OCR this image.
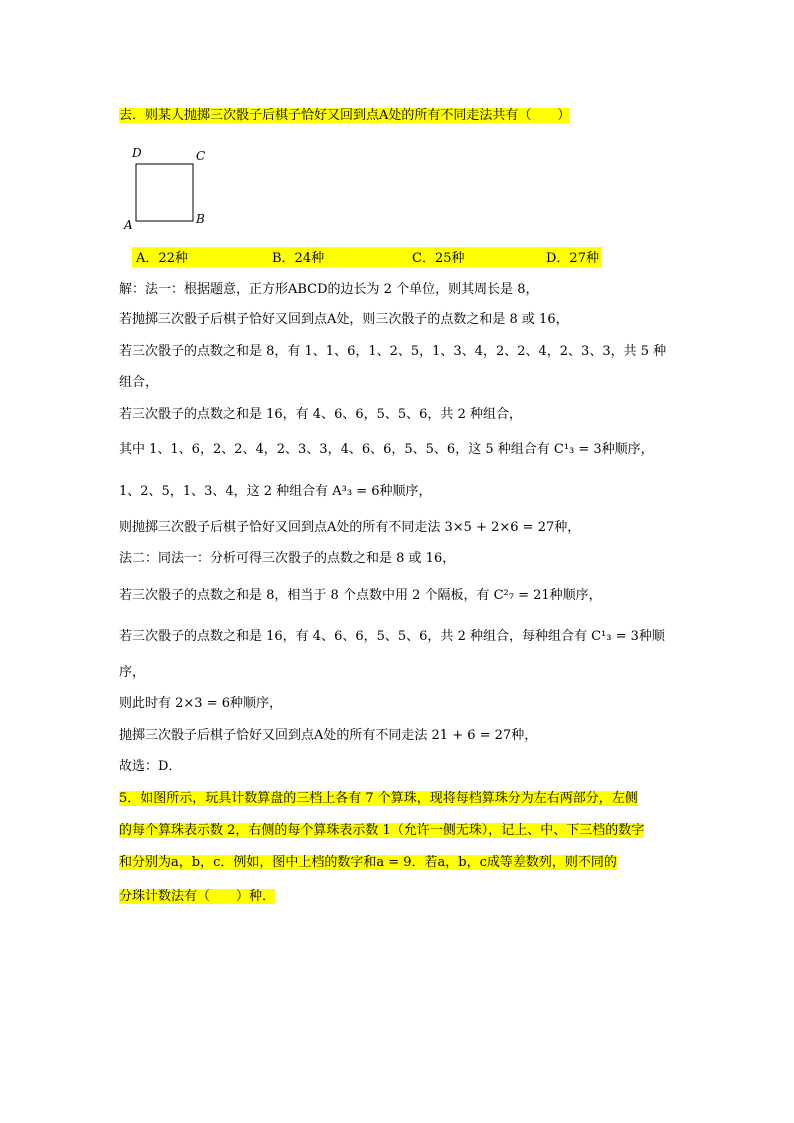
去．则某人抛掷三次骰子后棋子恰好又回到点A处的所有不同走法共有（　　）
D	C
A	B
A．22种	B．24种	C．25种	D．27种
解：法一：根据题意，正方形ABCD的边长为 2 个单位，则其周长是 8，
若抛掷三次骰子后棋子恰好又回到点A处，则三次骰子的点数之和是 8 或 16，
若三次骰子的点数之和是 8，有 1、1、6，1、2、5，1、3、4，2、2、4，2、3、3，共 5 种
组合，
若三次骰子的点数之和是 16，有 4、6、6，5、5、6，共 2 种组合，
其中 1、1、6，2、2、4，2、3、3，4、6、6，5、5、6，这 5 种组合有 C¹₃ = 3种顺序，
1、2、5，1、3、4，这 2 种组合有 A³₃ = 6种顺序，
则抛掷三次骰子后棋子恰好又回到点A处的所有不同走法 3×5 + 2×6 = 27种，
法二：同法一：分析可得三次骰子的点数之和是 8 或 16，
若三次骰子的点数之和是 8，相当于 8 个点数中用 2 个隔板，有 C²₇ = 21种顺序，
若三次骰子的点数之和是 16，有 4、6、6，5、5、6，共 2 种组合，每种组合有 C¹₃ = 3种顺
序，
则此时有 2×3 = 6种顺序，
抛掷三次骰子后棋子恰好又回到点A处的所有不同走法 21 + 6 = 27种，
故选：D．
5．如图所示，玩具计数算盘的三档上各有 7 个算珠，现将每档算珠分为左右两部分，左侧
的每个算珠表示数 2，右侧的每个算珠表示数 1（允许一侧无珠），记上、中、下三档的数字
和分别为a，b，c．例如，图中上档的数字和a = 9．若a，b，c成等差数列，则不同的
分珠计数法有（　　）种．
